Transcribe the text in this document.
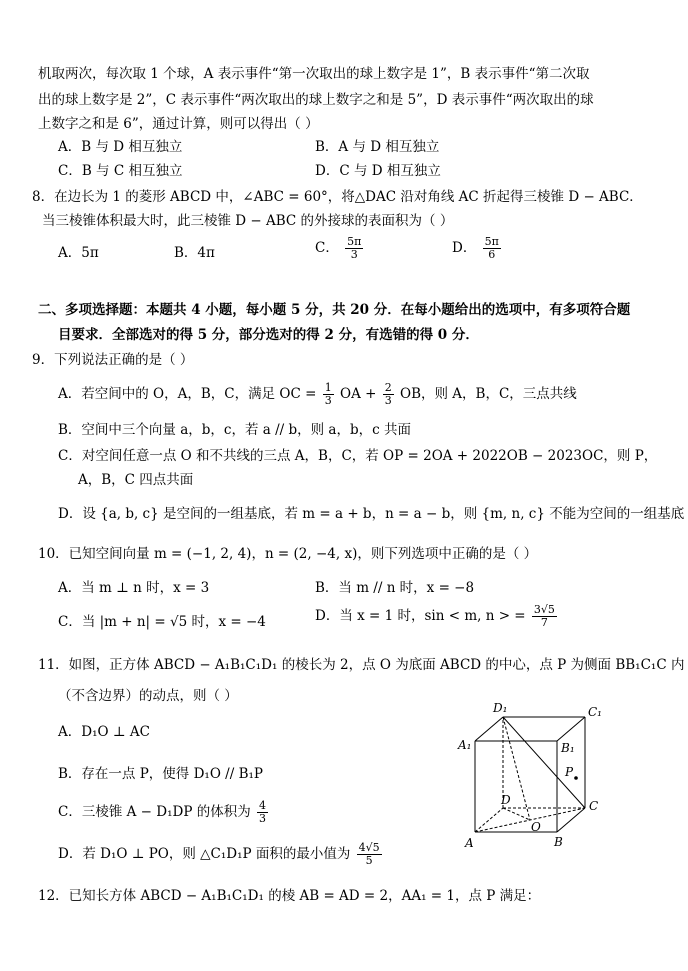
机取两次，每次取 1 个球，A 表示事件“第一次取出的球上数字是 1”，B 表示事件“第二次取
出的球上数字是 2”，C 表示事件“两次取出的球上数字之和是 5”，D 表示事件“两次取出的球
上数字之和是 6”，通过计算，则可以得出（ ）
A．B 与 D 相互独立	B．A 与 D 相互独立
C．B 与 C 相互独立	D．C 与 D 相互独立
8．在边长为 1 的菱形 ABCD 中，∠ABC = 60°，将△DAC 沿对角线 AC 折起得三棱锥 D − ABC．
当三棱锥体积最大时，此三棱锥 D − ABC 的外接球的表面积为（ ）
A．5π	B．4π	C． $\frac{5\pi}{3}$	D． $\frac{5\pi}{6}$
二、多项选择题：本题共 4 小题，每小题 5 分，共 20 分．在每小题给出的选项中，有多项符合题
目要求．全部选对的得 5 分，部分选对的得 2 分，有选错的得 0 分．
9．下列说法正确的是（ ）
A．若空间中的 O，A，B，C，满足 OC = $\frac{1}{3}$ OA + $\frac{2}{3}$ OB，则 A，B，C，三点共线
B．空间中三个向量 a，b，c，若 a // b，则 a，b，c 共面
C．对空间任意一点 O 和不共线的三点 A，B，C，若 OP = 2OA + 2022OB − 2023OC，则 P，
A，B，C 四点共面
D．设 {a, b, c} 是空间的一组基底，若 m = a + b，n = a − b，则 {m, n, c} 不能为空间的一组基底
10．已知空间向量 m = (−1, 2, 4)，n = (2, −4, x)，则下列选项中正确的是（ ）
A．当 m ⊥ n 时，x = 3	B．当 m // n 时，x = −8
C．当 |m + n| = √5 时，x = −4	D．当 x = 1 时，sin < m, n > = $\frac{3√5}{7}$
11．如图，正方体 ABCD − A₁B₁C₁D₁ 的棱长为 2，点 O 为底面 ABCD 的中心，点 P 为侧面 BB₁C₁C 内
（不含边界）的动点，则（ ）
A．D₁O ⊥ AC
B．存在一点 P，使得 D₁O // B₁P
C．三棱锥 A − D₁DP 的体积为 $\frac{4}{3}$
D．若 D₁O ⊥ PO，则 △C₁D₁P 面积的最小值为 $\frac{4√5}{5}$
D₁	C₁
A₁	B₁
P
D
O
C
A	B
12．已知长方体 ABCD − A₁B₁C₁D₁ 的棱 AB = AD = 2，AA₁ = 1，点 P 满足：
